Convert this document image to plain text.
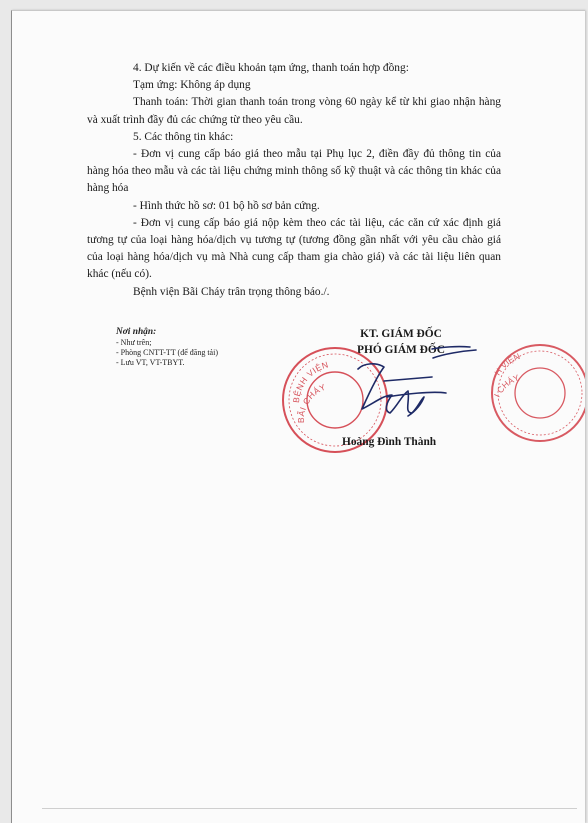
4. Dự kiến về các điều khoản tạm ứng, thanh toán hợp đồng:

Tạm ứng: Không áp dụng

Thanh toán: Thời gian thanh toán trong vòng 60 ngày kể từ khi giao nhận hàng và xuất trình đầy đủ các chứng từ theo yêu cầu.

5. Các thông tin khác:

- Đơn vị cung cấp báo giá theo mẫu tại Phụ lục 2, điền đầy đủ thông tin của hàng hóa theo mẫu và các tài liệu chứng minh thông số kỹ thuật và các thông tin khác của hàng hóa

- Hình thức hồ sơ: 01 bộ hồ sơ bản cứng.

- Đơn vị cung cấp báo giá nộp kèm theo các tài liệu, các căn cứ xác định giá tương tự của loại hàng hóa/dịch vụ tương tự (tương đồng gần nhất với yêu cầu chào giá của loại hàng hóa/dịch vụ mà Nhà cung cấp tham gia chào giá) và các tài liệu liên quan khác (nếu có).

Bệnh viện Bãi Cháy trân trọng thông báo./.

Nơi nhận:
- Như trên;
- Phòng CNTT-TT (để đăng tải)
- Lưu VT, VT-TBYT.
KT. GIÁM ĐỐC
PHÓ GIÁM ĐỐC
BỆNH VIỆN
BÃI CHÁY
H VIỆN
I CHÁY
Hoàng Đình Thành
